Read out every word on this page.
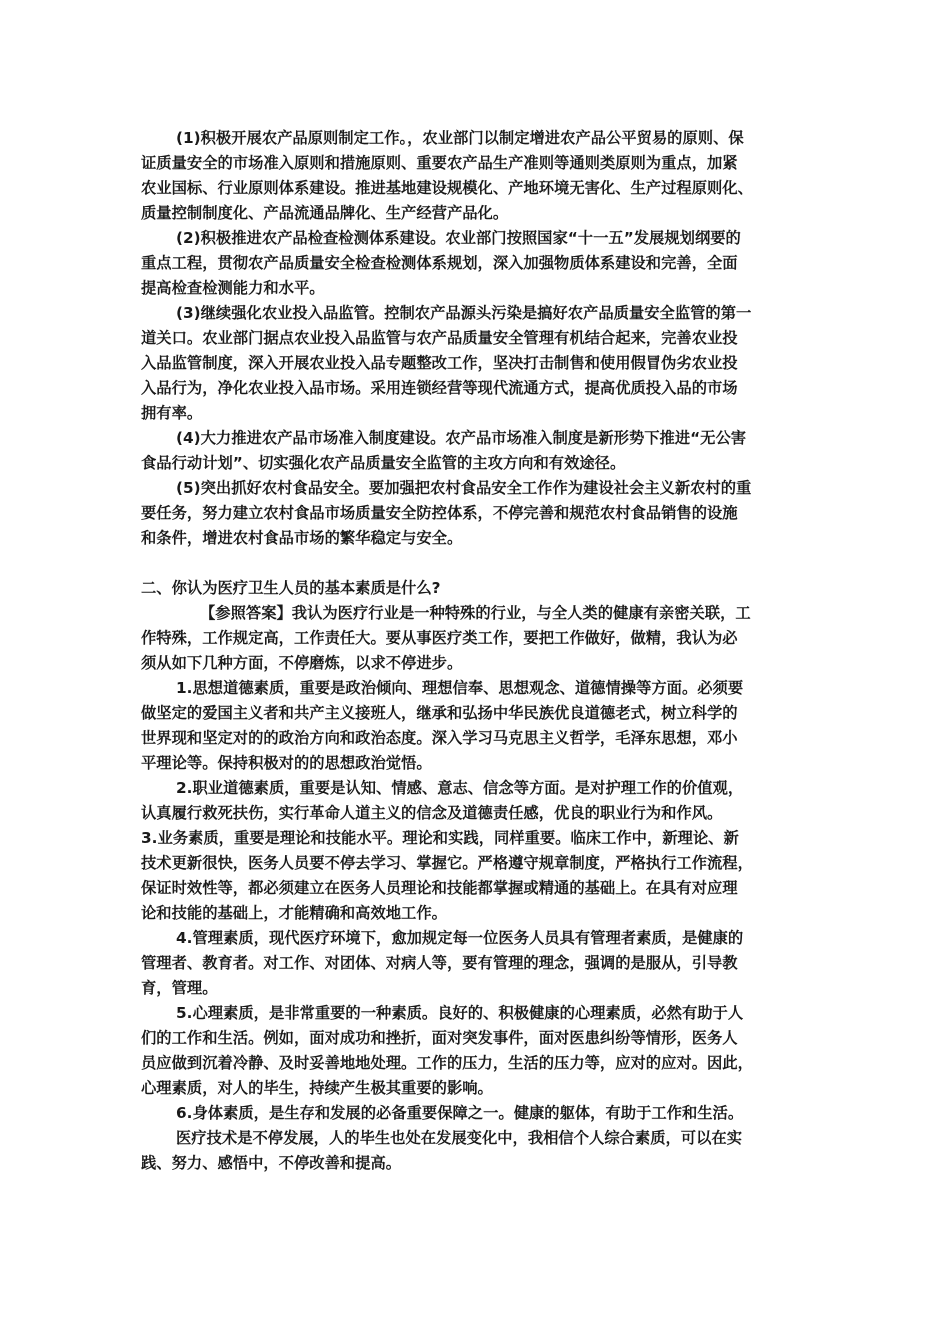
(1)积极开展农产品原则制定工作。，农业部门以制定增进农产品公平贸易的原则、保
证质量安全的市场准入原则和措施原则、重要农产品生产准则等通则类原则为重点，加紧
农业国标、行业原则体系建设。推进基地建设规模化、产地环境无害化、生产过程原则化、
质量控制制度化、产品流通品牌化、生产经营产品化。
(2)积极推进农产品检查检测体系建设。农业部门按照国家“十一五”发展规划纲要的
重点工程，贯彻农产品质量安全检查检测体系规划，深入加强物质体系建设和完善，全面
提高检查检测能力和水平。
(3)继续强化农业投入品监管。控制农产品源头污染是搞好农产品质量安全监管的第一
道关口。农业部门据点农业投入品监管与农产品质量安全管理有机结合起来，完善农业投
入品监管制度，深入开展农业投入品专题整改工作，坚决打击制售和使用假冒伪劣农业投
入品行为，净化农业投入品市场。采用连锁经营等现代流通方式，提高优质投入品的市场
拥有率。
(4)大力推进农产品市场准入制度建设。农产品市场准入制度是新形势下推进“无公害
食品行动计划”、切实强化农产品质量安全监管的主攻方向和有效途径。
(5)突出抓好农村食品安全。要加强把农村食品安全工作作为建设社会主义新农村的重
要任务，努力建立农村食品市场质量安全防控体系，不停完善和规范农村食品销售的设施
和条件，增进农村食品市场的繁华稳定与安全。
二、你认为医疗卫生人员的基本素质是什么?
【参照答案】我认为医疗行业是一种特殊的行业，与全人类的健康有亲密关联，工
作特殊，工作规定高，工作责任大。要从事医疗类工作，要把工作做好，做精，我认为必
须从如下几种方面，不停磨炼，以求不停进步。
1.思想道德素质，重要是政治倾向、理想信奉、思想观念、道德情操等方面。必须要
做坚定的爱国主义者和共产主义接班人，继承和弘扬中华民族优良道德老式，树立科学的
世界现和坚定对的的政治方向和政治态度。深入学习马克思主义哲学，毛泽东思想，邓小
平理论等。保持积极对的的思想政治觉悟。
2.职业道德素质，重要是认知、情感、意志、信念等方面。是对护理工作的价值观，
认真履行救死扶伤，实行革命人道主义的信念及道德责任感，优良的职业行为和作风。
3.业务素质，重要是理论和技能水平。理论和实践，同样重要。临床工作中，新理论、新
技术更新很快，医务人员要不停去学习、掌握它。严格遵守规章制度，严格执行工作流程，
保证时效性等，都必须建立在医务人员理论和技能都掌握或精通的基础上。在具有对应理
论和技能的基础上，才能精确和高效地工作。
4.管理素质，现代医疗环境下，愈加规定每一位医务人员具有管理者素质，是健康的
管理者、教育者。对工作、对团体、对病人等，要有管理的理念，强调的是服从，引导教
育，管理。
5.心理素质，是非常重要的一种素质。良好的、积极健康的心理素质，必然有助于人
们的工作和生活。例如，面对成功和挫折，面对突发事件，面对医患纠纷等情形，医务人
员应做到沉着冷静、及时妥善地地处理。工作的压力，生活的压力等，应对的应对。因此，
心理素质，对人的毕生，持续产生极其重要的影响。
6.身体素质，是生存和发展的必备重要保障之一。健康的躯体，有助于工作和生活。
医疗技术是不停发展，人的毕生也处在发展变化中，我相信个人综合素质，可以在实
践、努力、感悟中，不停改善和提高。
